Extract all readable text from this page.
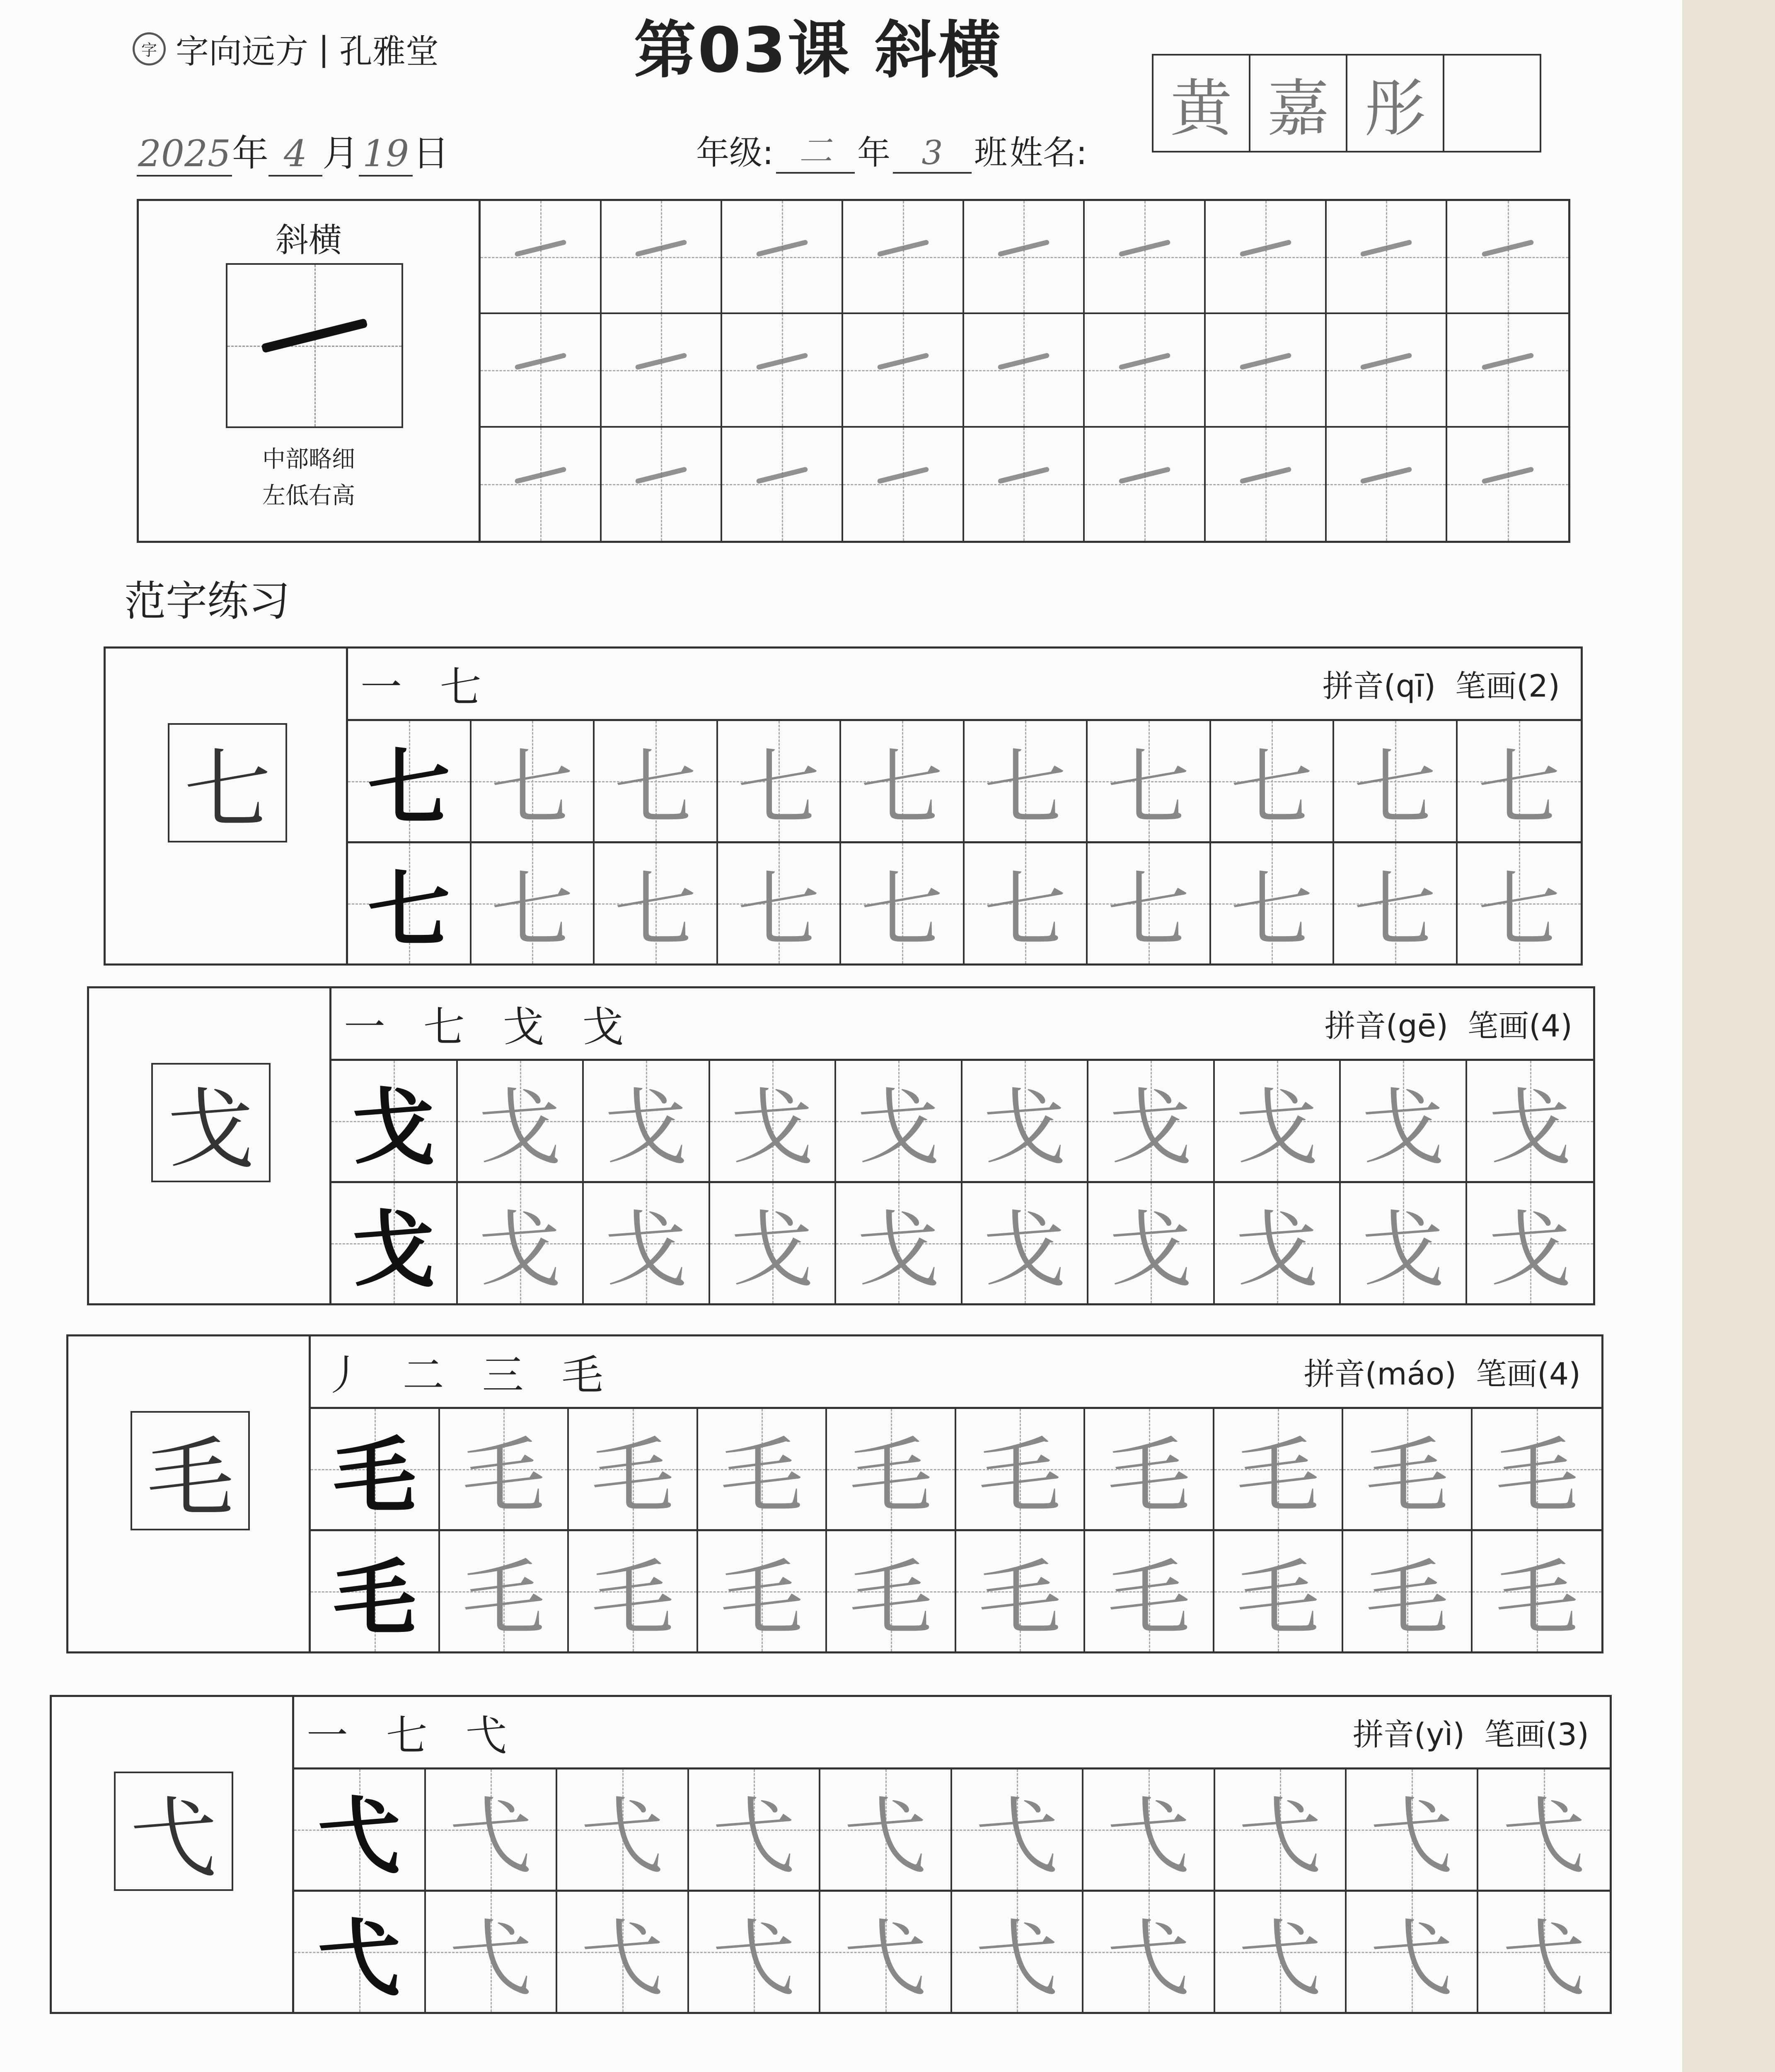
字 字向远方 | 孔雅堂	第03课 斜横
2025 年 4 月 19 日	年级: 二 年 3 班 姓名:
黄 嘉 彤
斜横
中部略细
左低右高
范字练习
七
一 七	拼音(qī) 笔画(2)
七 七 七 七 七 七 七 七 七 七
七 七 七 七 七 七 七 七 七 七
戈
一 七 戈 戈	拼音(gē) 笔画(4)
戈 戈 戈 戈 戈 戈 戈 戈 戈 戈
戈 戈 戈 戈 戈 戈 戈 戈 戈 戈
毛
丿 二 三 毛	拼音(máo) 笔画(4)
毛 毛 毛 毛 毛 毛 毛 毛 毛 毛
毛 毛 毛 毛 毛 毛 毛 毛 毛 毛
弋
一 七 弋	拼音(yì) 笔画(3)
弋 弋 弋 弋 弋 弋 弋 弋 弋 弋
弋 弋 弋 弋 弋 弋 弋 弋 弋 弋
